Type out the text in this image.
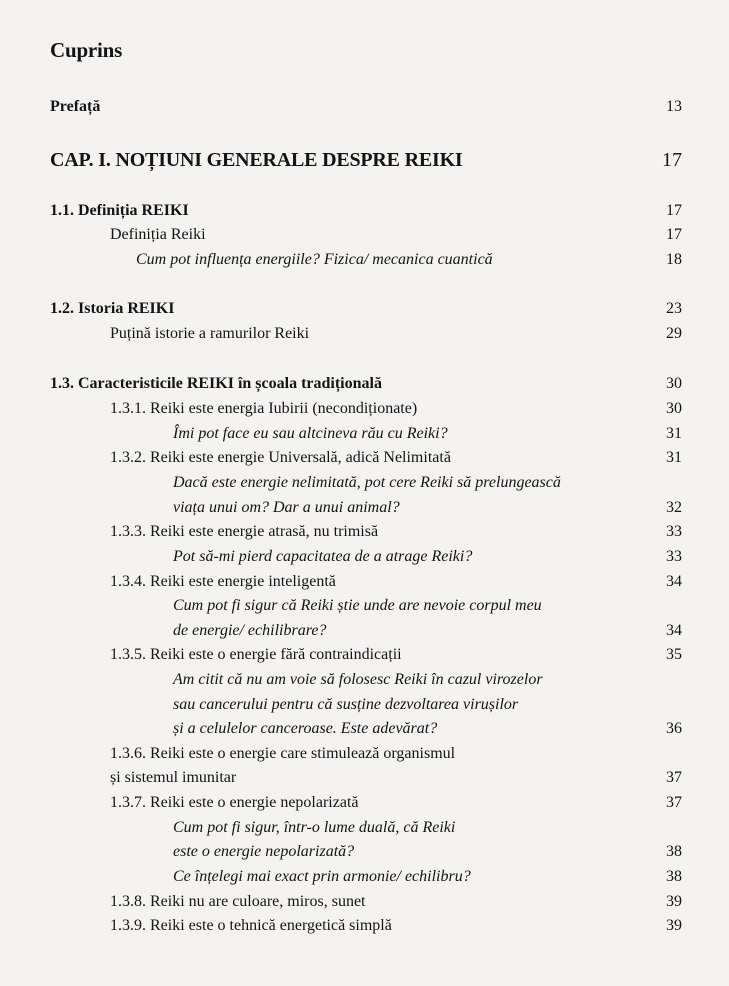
Cuprins
Prefață	13
CAP. I. NOȚIUNI GENERALE DESPRE REIKI	17
1.1. Definiția REIKI	17
Definiția Reiki	17
Cum pot influența energiile? Fizica/ mecanica cuantică	18
1.2. Istoria REIKI	23
Puțină istorie a ramurilor Reiki	29
1.3. Caracteristicile REIKI în școala tradițională	30
1.3.1. Reiki este energia Iubirii (necondiționate)	30
Îmi pot face eu sau altcineva rău cu Reiki?	31
1.3.2. Reiki este energie Universală, adică Nelimitată	31
Dacă este energie nelimitată, pot cere Reiki să prelungească
viața unui om? Dar a unui animal?	32
1.3.3. Reiki este energie atrasă, nu trimisă	33
Pot să-mi pierd capacitatea de a atrage Reiki?	33
1.3.4. Reiki este energie inteligentă	34
Cum pot fi sigur că Reiki știe unde are nevoie corpul meu
de energie/ echilibrare?	34
1.3.5. Reiki este o energie fără contraindicații	35
Am citit că nu am voie să folosesc Reiki în cazul virozelor
sau cancerului pentru că susține dezvoltarea virușilor
și a celulelor canceroase. Este adevărat?	36
1.3.6. Reiki este o energie care stimulează organismul
și sistemul imunitar	37
1.3.7. Reiki este o energie nepolarizată	37
Cum pot fi sigur, într-o lume duală, că Reiki
este o energie nepolarizată?	38
Ce înțelegi mai exact prin armonie/ echilibru?	38
1.3.8. Reiki nu are culoare, miros, sunet	39
1.3.9. Reiki este o tehnică energetică simplă	39
